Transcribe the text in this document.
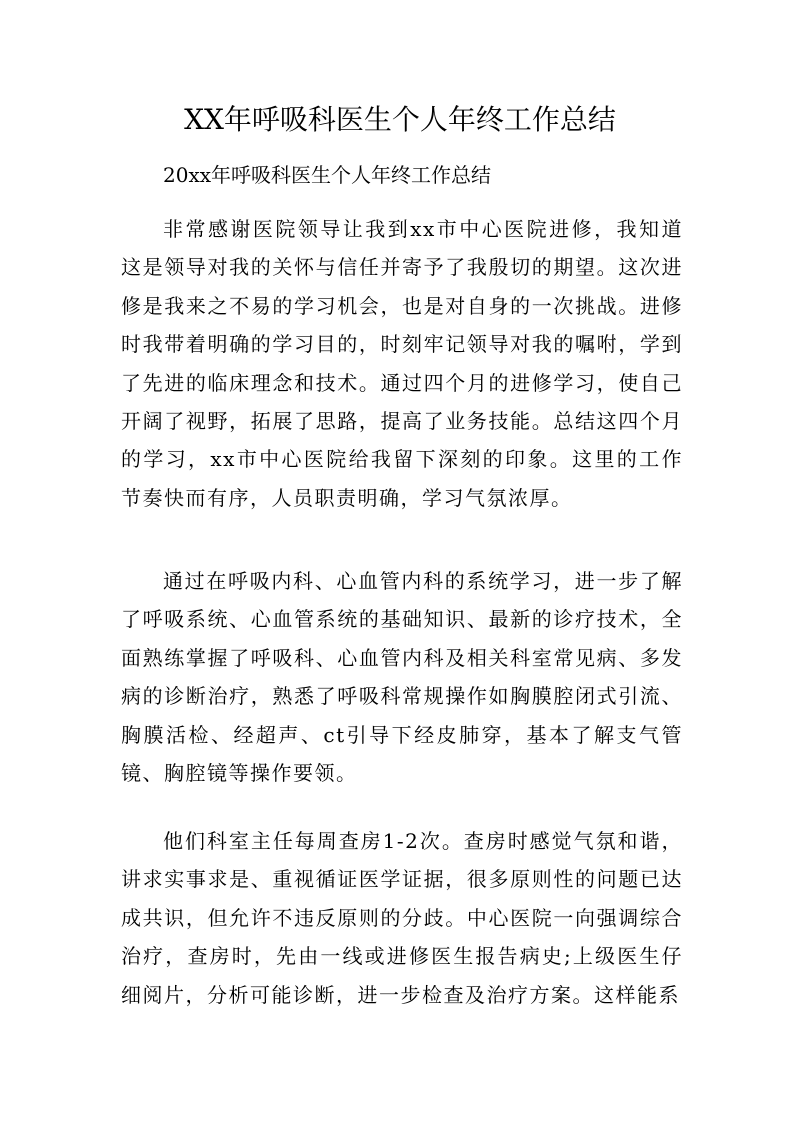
XX年呼吸科医生个人年终工作总结
20xx年呼吸科医生个人年终工作总结

非常感谢医院领导让我到xx市中心医院进修，我知道这是领导对我的关怀与信任并寄予了我殷切的期望。这次进修是我来之不易的学习机会，也是对自身的一次挑战。进修时我带着明确的学习目的，时刻牢记领导对我的嘱咐，学到了先进的临床理念和技术。通过四个月的进修学习，使自己开阔了视野，拓展了思路，提高了业务技能。总结这四个月的学习，xx市中心医院给我留下深刻的印象。这里的工作节奏快而有序，人员职责明确，学习气氛浓厚。

通过在呼吸内科、心血管内科的系统学习，进一步了解了呼吸系统、心血管系统的基础知识、最新的诊疗技术，全面熟练掌握了呼吸科、心血管内科及相关科室常见病、多发病的诊断治疗，熟悉了呼吸科常规操作如胸膜腔闭式引流、胸膜活检、经超声、ct引导下经皮肺穿，基本了解支气管镜、胸腔镜等操作要领。

他们科室主任每周查房1-2次。查房时感觉气氛和谐，讲求实事求是、重视循证医学证据，很多原则性的问题已达成共识，但允许不违反原则的分歧。中心医院一向强调综合治疗，查房时，先由一线或进修医生报告病史;上级医生仔细阅片，分析可能诊断，进一步检查及治疗方案。这样能系
